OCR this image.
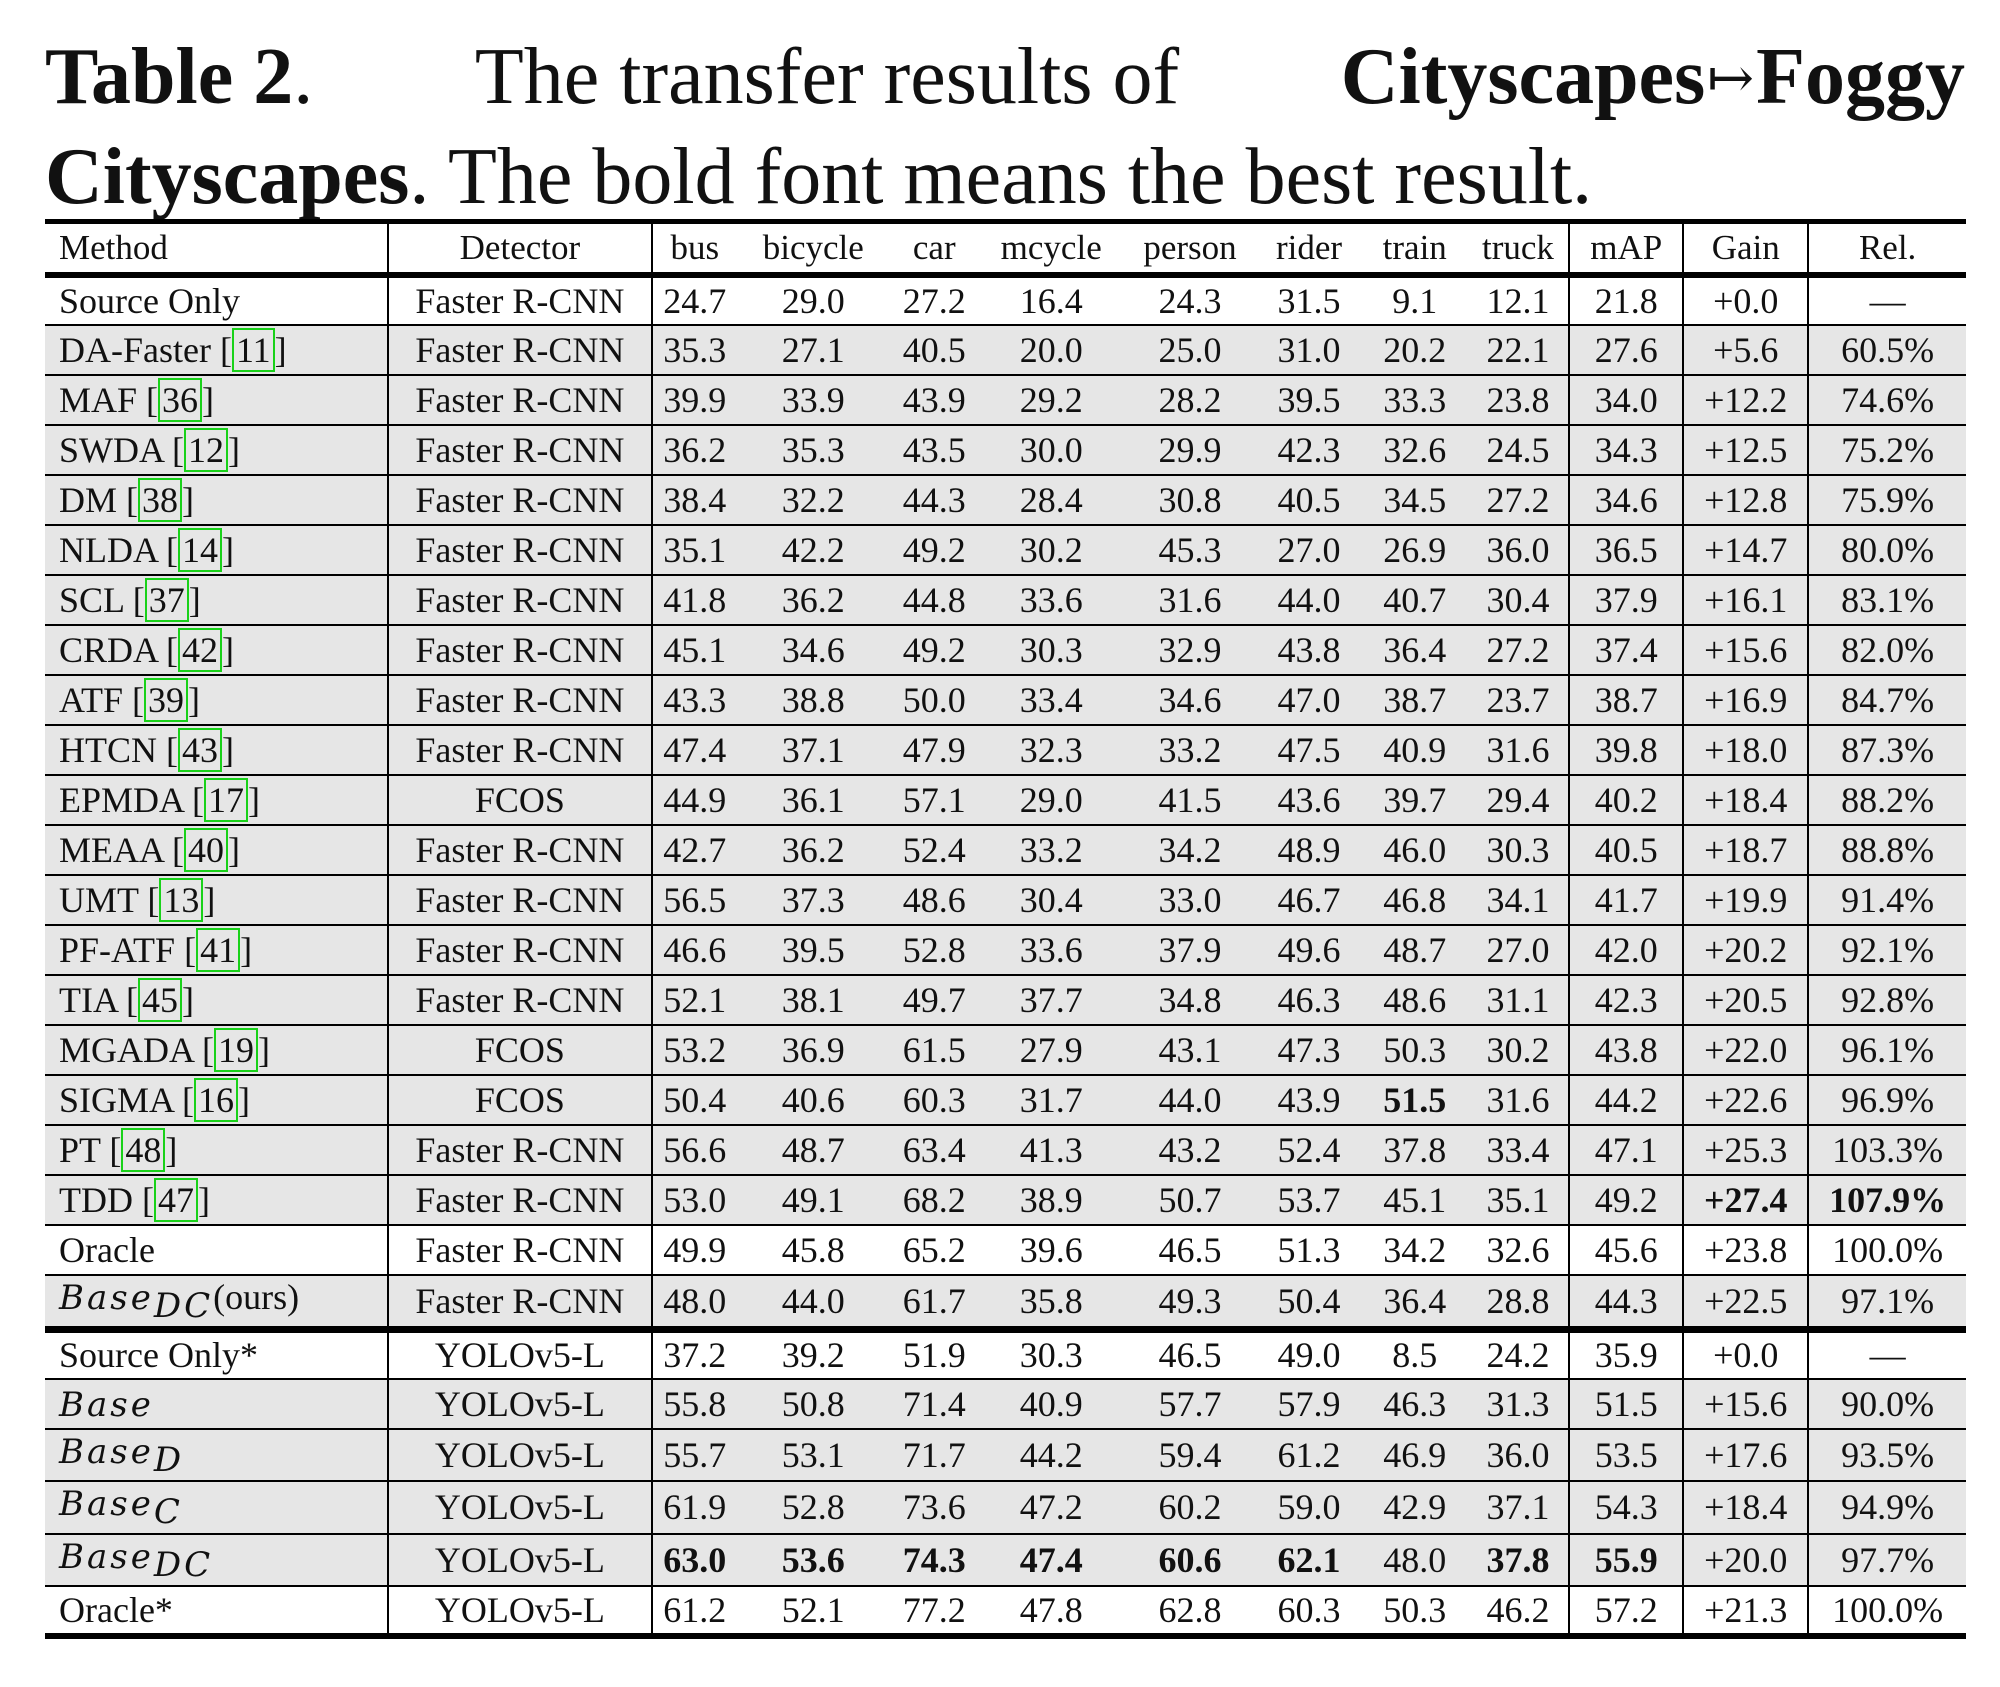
Table 2. The transfer results of Cityscapes↦Foggy
Cityscapes. The bold font means the best result.
Method	Detector	bus	bicycle	car	mcycle	person	rider	train	truck	mAP	Gain	Rel.
Source Only	Faster R-CNN	24.7	29.0	27.2	16.4	24.3	31.5	9.1	12.1	21.8	+0.0	—
DA-Faster [ 11 ]	Faster R-CNN	35.3	27.1	40.5	20.0	25.0	31.0	20.2	22.1	27.6	+5.6	60.5%
MAF [ 36 ]	Faster R-CNN	39.9	33.9	43.9	29.2	28.2	39.5	33.3	23.8	34.0	+12.2	74.6%
SWDA [ 12 ]	Faster R-CNN	36.2	35.3	43.5	30.0	29.9	42.3	32.6	24.5	34.3	+12.5	75.2%
DM [ 38 ]	Faster R-CNN	38.4	32.2	44.3	28.4	30.8	40.5	34.5	27.2	34.6	+12.8	75.9%
NLDA [ 14 ]	Faster R-CNN	35.1	42.2	49.2	30.2	45.3	27.0	26.9	36.0	36.5	+14.7	80.0%
SCL [ 37 ]	Faster R-CNN	41.8	36.2	44.8	33.6	31.6	44.0	40.7	30.4	37.9	+16.1	83.1%
CRDA [ 42 ]	Faster R-CNN	45.1	34.6	49.2	30.3	32.9	43.8	36.4	27.2	37.4	+15.6	82.0%
ATF [ 39 ]	Faster R-CNN	43.3	38.8	50.0	33.4	34.6	47.0	38.7	23.7	38.7	+16.9	84.7%
HTCN [ 43 ]	Faster R-CNN	47.4	37.1	47.9	32.3	33.2	47.5	40.9	31.6	39.8	+18.0	87.3%
EPMDA [ 17 ]	FCOS	44.9	36.1	57.1	29.0	41.5	43.6	39.7	29.4	40.2	+18.4	88.2%
MEAA [ 40 ]	Faster R-CNN	42.7	36.2	52.4	33.2	34.2	48.9	46.0	30.3	40.5	+18.7	88.8%
UMT [ 13 ]	Faster R-CNN	56.5	37.3	48.6	30.4	33.0	46.7	46.8	34.1	41.7	+19.9	91.4%
PF-ATF [ 41 ]	Faster R-CNN	46.6	39.5	52.8	33.6	37.9	49.6	48.7	27.0	42.0	+20.2	92.1%
TIA [ 45 ]	Faster R-CNN	52.1	38.1	49.7	37.7	34.8	46.3	48.6	31.1	42.3	+20.5	92.8%
MGADA [ 19 ]	FCOS	53.2	36.9	61.5	27.9	43.1	47.3	50.3	30.2	43.8	+22.0	96.1%
SIGMA [ 16 ]	FCOS	50.4	40.6	60.3	31.7	44.0	43.9	51.5	31.6	44.2	+22.6	96.9%
PT [ 48 ]	Faster R-CNN	56.6	48.7	63.4	41.3	43.2	52.4	37.8	33.4	47.1	+25.3	103.3%
TDD [ 47 ]	Faster R-CNN	53.0	49.1	68.2	38.9	50.7	53.7	45.1	35.1	49.2	+27.4	107.9%
Oracle	Faster R-CNN	49.9	45.8	65.2	39.6	46.5	51.3	34.2	32.6	45.6	+23.8	100.0%
Base$_{DC}$(ours)	Faster R-CNN	48.0	44.0	61.7	35.8	49.3	50.4	36.4	28.8	44.3	+22.5	97.1%
Source Only*	YOLOv5-L	37.2	39.2	51.9	30.3	46.5	49.0	8.5	24.2	35.9	+0.0	—
Base	YOLOv5-L	55.8	50.8	71.4	40.9	57.7	57.9	46.3	31.3	51.5	+15.6	90.0%
Base$_D$	YOLOv5-L	55.7	53.1	71.7	44.2	59.4	61.2	46.9	36.0	53.5	+17.6	93.5%
Base$_C$	YOLOv5-L	61.9	52.8	73.6	47.2	60.2	59.0	42.9	37.1	54.3	+18.4	94.9%
Base$_{DC}$	YOLOv5-L	63.0	53.6	74.3	47.4	60.6	62.1	48.0	37.8	55.9	+20.0	97.7%
Oracle*	YOLOv5-L	61.2	52.1	77.2	47.8	62.8	60.3	50.3	46.2	57.2	+21.3	100.0%
